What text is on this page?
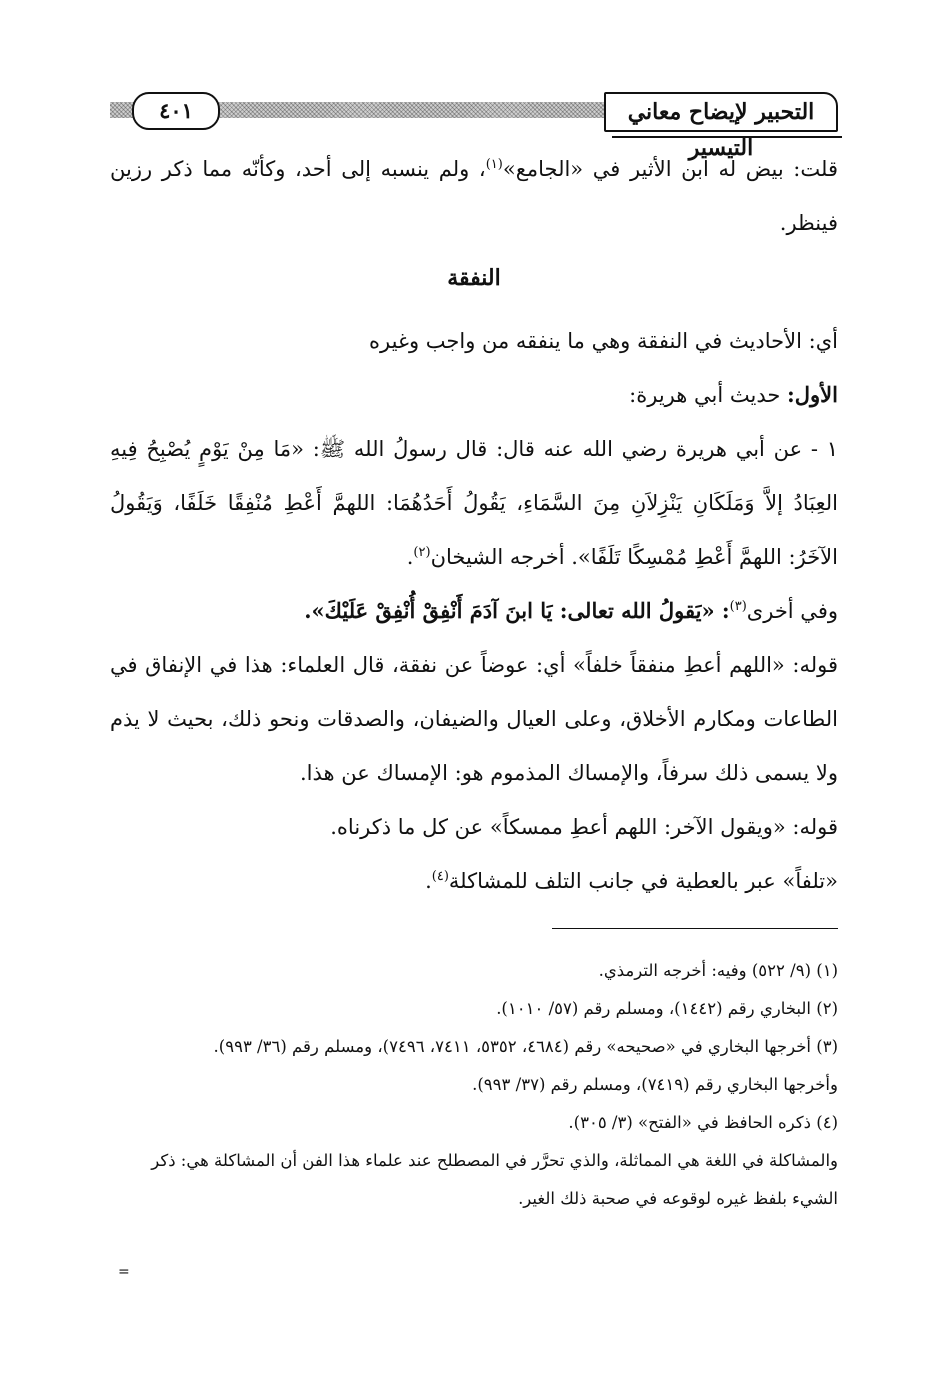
٤٠١	التحبير لإيضاح معاني التيسير

قلت: بيض له ابن الأثير في «الجامع»$^{(١)}$، ولم ينسبه إلى أحد، وكأنّه مما ذكر رزين فينظر.

النفقة

أي: الأحاديث في النفقة وهي ما ينفقه من واجب وغيره

الأول: حديث أبي هريرة:

١ - عن أبي هريرة رضي الله عنه قال: قال رسولُ الله ﷺ: «مَا مِنْ يَوْمٍ يُصْبِحُ فِيهِ العِبَادُ إلاَّ وَمَلَكَانِ يَنْزِلاَنِ مِنَ السَّمَاءِ، يَقُولُ أَحَدُهُمَا: اللهمَّ أَعْطِ مُنْفِقًا خَلَفًا، وَيَقُولُ الآخَرُ: اللهمَّ أَعْطِ مُمْسِكًا تَلَفًا». أخرجه الشيخان$^{(٢)}$.

وفي أخرى$^{(٣)}$: «يَقولُ الله تعالى: يَا ابنَ آدَمَ أَنْفِقْ أُنْفِقْ عَلَيْكَ».

قوله: «اللهم أعطِ منفقاً خلفاً» أي: عوضاً عن نفقة، قال العلماء: هذا في الإنفاق في الطاعات ومكارم الأخلاق، وعلى العيال والضيفان، والصدقات ونحو ذلك، بحيث لا يذم ولا يسمى ذلك سرفاً، والإمساك المذموم هو: الإمساك عن هذا.

قوله: «ويقول الآخر: اللهم أعطِ ممسكاً» عن كل ما ذكرناه.

«تلفاً» عبر بالعطية في جانب التلف للمشاكلة$^{(٤)}$.

(١) (٩/ ٥٢٢) وفيه: أخرجه الترمذي.

(٢) البخاري رقم (١٤٤٢)، ومسلم رقم (٥٧/ ١٠١٠).

(٣) أخرجها البخاري في «صحيحه» رقم (٤٦٨٤، ٥٣٥٢، ٧٤١١، ٧٤٩٦)، ومسلم رقم (٣٦/ ٩٩٣).

وأخرجها البخاري رقم (٧٤١٩)، ومسلم رقم (٣٧/ ٩٩٣).

(٤) ذكره الحافظ في «الفتح» (٣/ ٣٠٥).

والمشاكلة في اللغة هي المماثلة، والذي تحرَّر في المصطلح عند علماء هذا الفن أن المشاكلة هي: ذكر الشيء بلفظ غيره لوقوعه في صحبة ذلك الغير.

=
